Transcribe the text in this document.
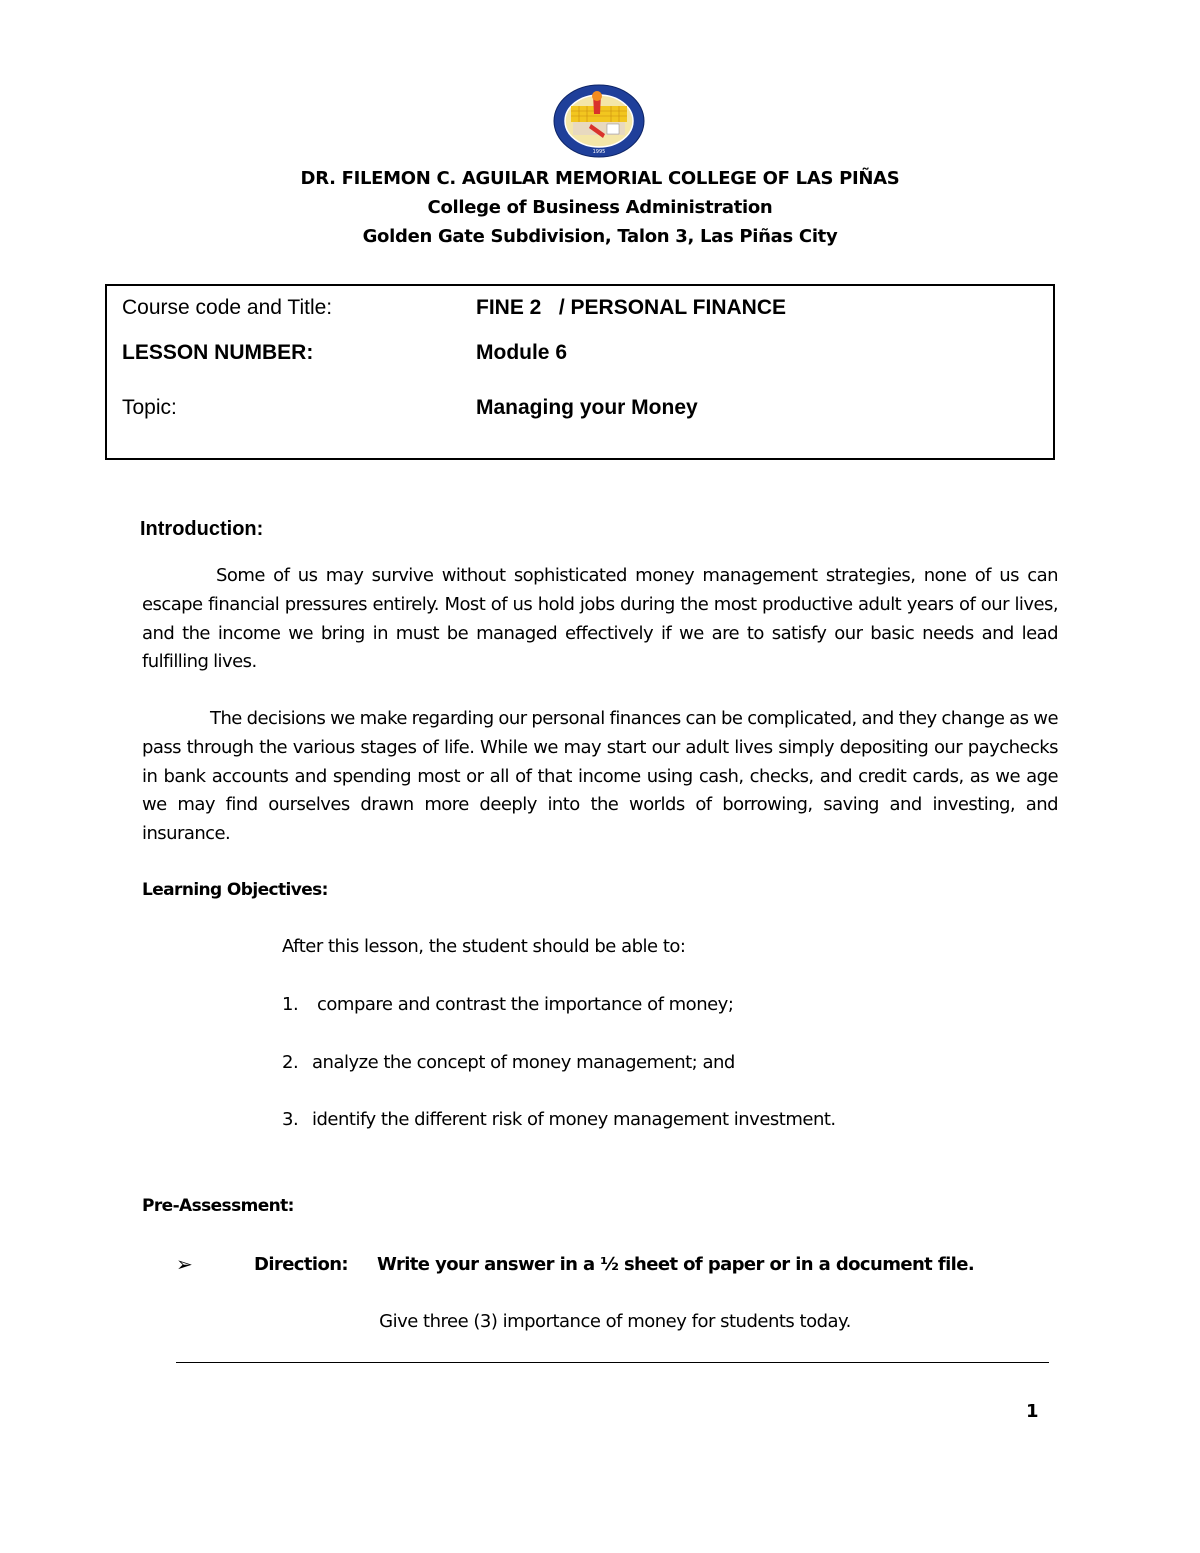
1995
DR. FILEMON C. AGUILAR MEMORIAL COLLEGE OF LAS PIÑAS
College of Business Administration
Golden Gate Subdivision, Talon 3, Las Piñas City
Course code and Title:	FINE 2   / PERSONAL FINANCE
LESSON NUMBER:	Module 6
Topic:	Managing your Money
Introduction:

Some of us may survive without sophisticated money management strategies, none of us can escape financial pressures entirely. Most of us hold jobs during the most productive adult years of our lives, and the income we bring in must be managed effectively if we are to satisfy our basic needs and lead fulfilling lives.

The decisions we make regarding our personal finances can be complicated, and they change as we pass through the various stages of life. While we may start our adult lives simply depositing our paychecks in bank accounts and spending most or all of that income using cash, checks, and credit cards, as we age we may find ourselves drawn more deeply into the worlds of borrowing, saving and investing, and insurance.

Learning Objectives:
After this lesson, the student should be able to:
1. compare and contrast the importance of money;
2. analyze the concept of money management; and
3. identify the different risk of money management investment.
Pre-Assessment:
➢	Direction: Write your answer in a ½ sheet of paper or in a document file.
Give three (3) importance of money for students today.
1
